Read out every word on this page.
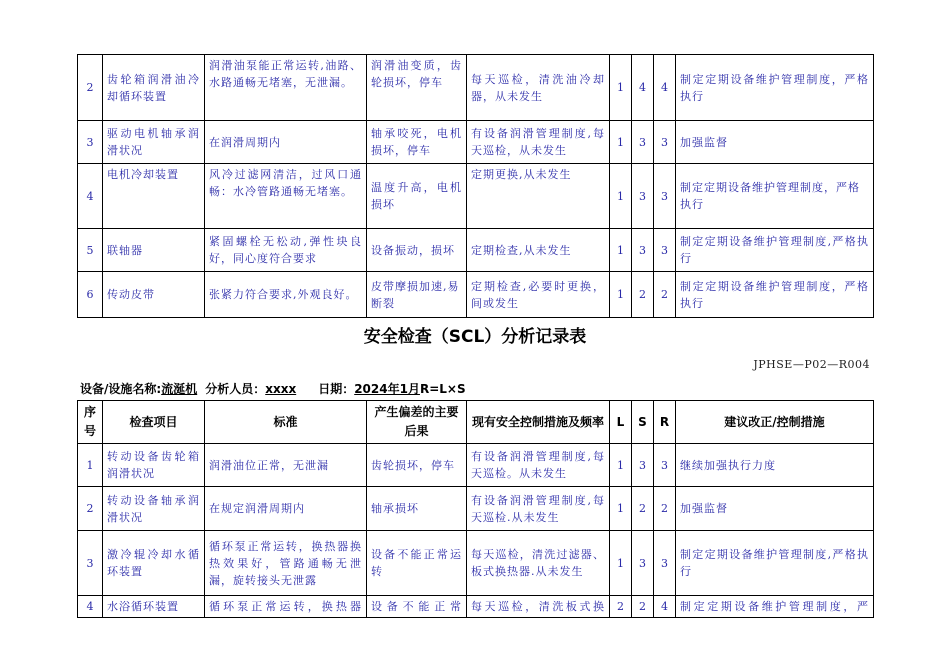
2	齿轮箱润滑油冷却循环装置	润滑油泵能正常运转,油路、水路通畅无堵塞，无泄漏。	润滑油变质，齿轮损坏，停车	每天巡检，清洗油冷却器，从未发生	1	4	4	制定定期设备维护管理制度，严格执行
3	驱动电机轴承润滑状况	在润滑周期内	轴承咬死，电机损坏，停车	有设备润滑管理制度,每天巡检，从未发生	1	3	3	加强监督
4	电机冷却装置	风冷过滤网清洁，过风口通畅：水冷管路通畅无堵塞。	温度升高，电机损坏	定期更换,从未发生	1	3	3	制定定期设备维护管理制度，严格执行
5	联轴器	紧固螺栓无松动,弹性块良好，同心度符合要求	设备振动，损坏	定期检查,从未发生	1	3	3	制定定期设备维护管理制度,严格执行
6	传动皮带	张紧力符合要求,外观良好。	皮带摩损加速,易断裂	定期检查,必要时更换，间或发生	1	2	2	制定定期设备维护管理制度，严格执行
安全检查（SCL）分析记录表
JPHSE—P02—R004
设备/设施名称:流涎机 分析人员：xxxx 日期：2024年1月R=L×S
序号	检查项目	标准	产生偏差的主要后果	现有安全控制措施及频率	L	S	R	建议改正/控制措施
1	转动设备齿轮箱润滑状况	润滑油位正常，无泄漏	齿轮损坏，停车	有设备润滑管理制度,每天巡检。从未发生	1	3	3	继续加强执行力度
2	转动设备轴承润滑状况	在规定润滑周期内	轴承损坏	有设备润滑管理制度,每天巡检.从未发生	1	2	2	加强监督
3	激冷辊冷却水循环装置	循环泵正常运转，换热器换热效果好，管路通畅无泄漏，旋转接头无泄露	设备不能正常运转	每天巡检，清洗过滤器、板式换热器.从未发生	1	3	3	制定定期设备维护管理制度,严格执行
4	水浴循环装置	循环泵正常运转，换热器	设备不能正常	每天巡检，清洗板式换	2	2	4	制定定期设备维护管理制度，严
